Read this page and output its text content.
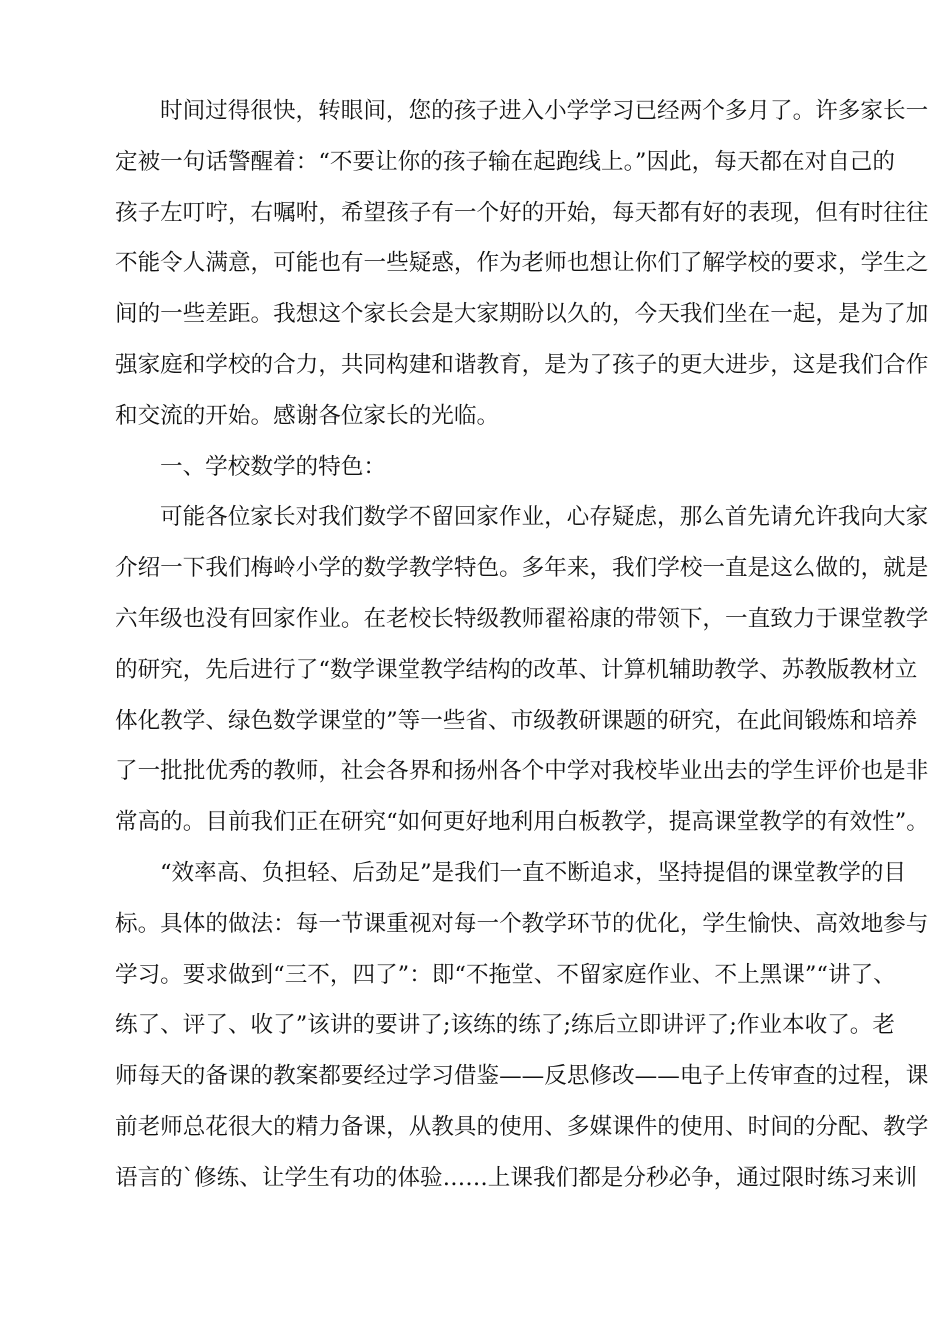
时间过得很快，转眼间，您的孩子进入小学学习已经两个多月了。许多家长一
定被一句话警醒着：“不要让你的孩子输在起跑线上。”因此，每天都在对自己的
孩子左叮咛，右嘱咐，希望孩子有一个好的开始，每天都有好的表现，但有时往往
不能令人满意，可能也有一些疑惑，作为老师也想让你们了解学校的要求，学生之
间的一些差距。我想这个家长会是大家期盼以久的，今天我们坐在一起，是为了加
强家庭和学校的合力，共同构建和谐教育，是为了孩子的更大进步，这是我们合作
和交流的开始。感谢各位家长的光临。
一、学校数学的特色：
可能各位家长对我们数学不留回家作业，心存疑虑，那么首先请允许我向大家
介绍一下我们梅岭小学的数学教学特色。多年来，我们学校一直是这么做的，就是
六年级也没有回家作业。在老校长特级教师翟裕康的带领下，一直致力于课堂教学
的研究，先后进行了“数学课堂教学结构的改革、计算机辅助教学、苏教版教材立
体化教学、绿色数学课堂的”等一些省、市级教研课题的研究，在此间锻炼和培养
了一批批优秀的教师，社会各界和扬州各个中学对我校毕业出去的学生评价也是非
常高的。目前我们正在研究“如何更好地利用白板教学，提高课堂教学的有效性”。
“效率高、负担轻、后劲足”是我们一直不断追求，坚持提倡的课堂教学的目
标。具体的做法：每一节课重视对每一个教学环节的优化，学生愉快、高效地参与
学习。要求做到“三不，四了”：即“不拖堂、不留家庭作业、不上黑课”“讲了、
练了、评了、收了”该讲的要讲了;该练的练了;练后立即讲评了;作业本收了。老
师每天的备课的教案都要经过学习借鉴——反思修改——电子上传审查的过程，课
前老师总花很大的精力备课，从教具的使用、多媒课件的使用、时间的分配、教学
语言的`修练、让学生有功的体验……上课我们都是分秒必争，通过限时练习来训
